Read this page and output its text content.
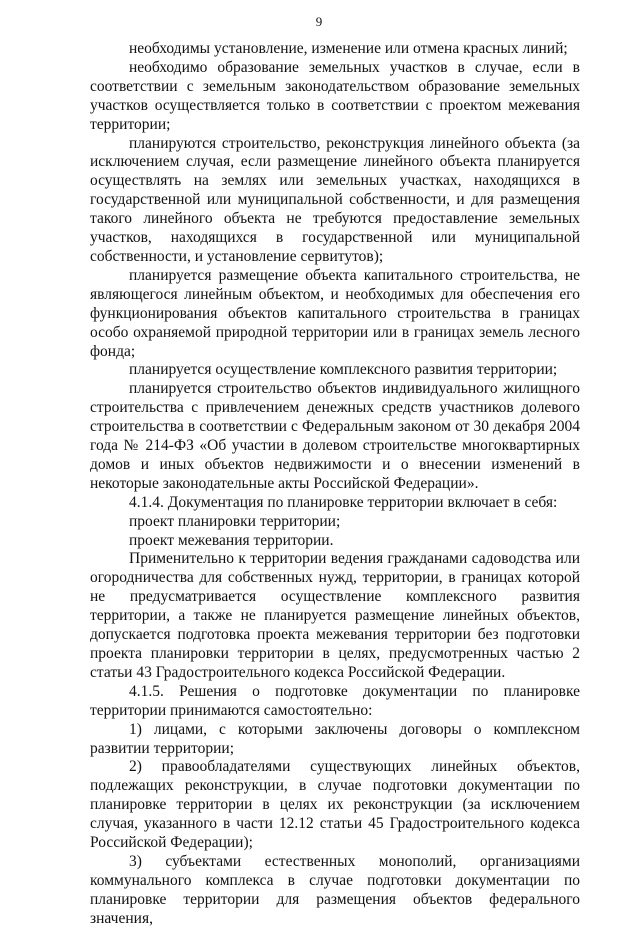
9

необходимы установление, изменение или отмена красных линий;

необходимо образование земельных участков в случае, если в соответствии с земельным законодательством образование земельных участков осуществляется только в соответствии с проектом межевания территории;

планируются строительство, реконструкция линейного объекта (за исключением случая, если размещение линейного объекта планируется осуществлять на землях или земельных участках, находящихся в государственной или муниципальной собственности, и для размещения такого линейного объекта не требуются предоставление земельных участков, находящихся в государственной или муниципальной собственности, и установление сервитутов);

планируется размещение объекта капитального строительства, не являющегося линейным объектом, и необходимых для обеспечения его функционирования объектов капитального строительства в границах особо охраняемой природной территории или в границах земель лесного фонда;

планируется осуществление комплексного развития территории;

планируется строительство объектов индивидуального жилищного строительства с привлечением денежных средств участников долевого строительства в соответствии с Федеральным законом от 30 декабря 2004 года № 214-ФЗ «Об участии в долевом строительстве многоквартирных домов и иных объектов недвижимости и о внесении изменений в некоторые законодательные акты Российской Федерации».

4.1.4. Документация по планировке территории включает в себя:

проект планировки территории;

проект межевания территории.

Применительно к территории ведения гражданами садоводства или огородничества для собственных нужд, территории, в границах которой не предусматривается осуществление комплексного развития территории, а также не планируется размещение линейных объектов, допускается подготовка проекта межевания территории без подготовки проекта планировки территории в целях, предусмотренных частью 2 статьи 43 Градостроительного кодекса Российской Федерации.

4.1.5. Решения о подготовке документации по планировке территории принимаются самостоятельно:

1) лицами, с которыми заключены договоры о комплексном развитии территории;

2) правообладателями существующих линейных объектов, подлежащих реконструкции, в случае подготовки документации по планировке территории в целях их реконструкции (за исключением случая, указанного в части 12.12 статьи 45 Градостроительного кодекса Российской Федерации);

3) субъектами естественных монополий, организациями коммунального комплекса в случае подготовки документации по планировке территории для размещения объектов федерального значения,
